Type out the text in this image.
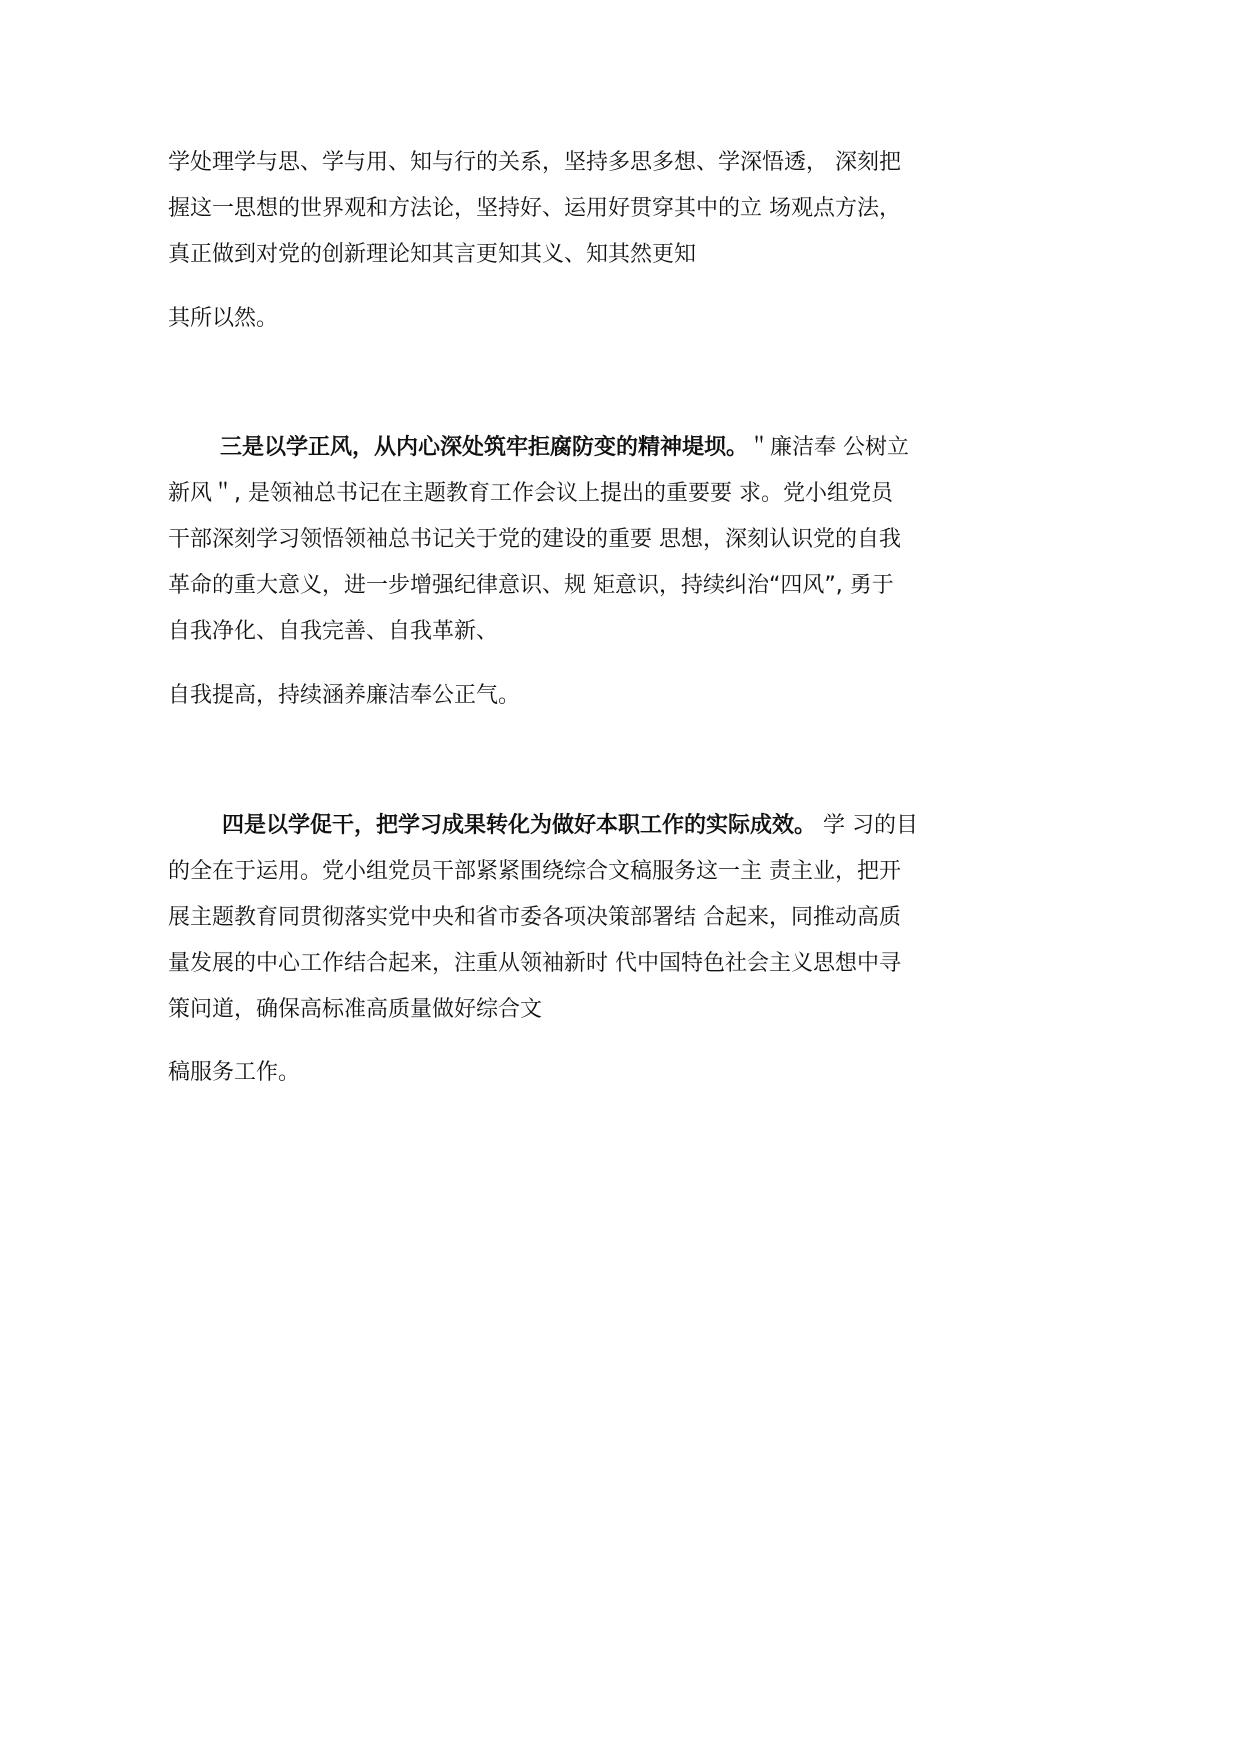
学处理学与思、学与用、知与行的关系，坚持多思多想、学深悟透， 深刻把
握这一思想的世界观和方法论，坚持好、运用好贯穿其中的立 场观点方法，
真正做到对党的创新理论知其言更知其义、知其然更知
其所以然。
三是以学正风，从内心深处筑牢拒腐防变的精神堤坝。＂廉洁奉 公树立
新风＂, 是领袖总书记在主题教育工作会议上提出的重要要 求。党小组党员
干部深刻学习领悟领袖总书记关于党的建设的重要 思想，深刻认识党的自我
革命的重大意义，进一步增强纪律意识、规 矩意识，持续纠治“四风”, 勇于
自我净化、自我完善、自我革新、
自我提高，持续涵养廉洁奉公正气。
四是以学促干，把学习成果转化为做好本职工作的实际成效。 学 习的目
的全在于运用。党小组党员干部紧紧围绕综合文稿服务这一主 责主业，把开
展主题教育同贯彻落实党中央和省市委各项决策部署结 合起来，同推动高质
量发展的中心工作结合起来，注重从领袖新时 代中国特色社会主义思想中寻
策问道，确保高标准高质量做好综合文
稿服务工作。
